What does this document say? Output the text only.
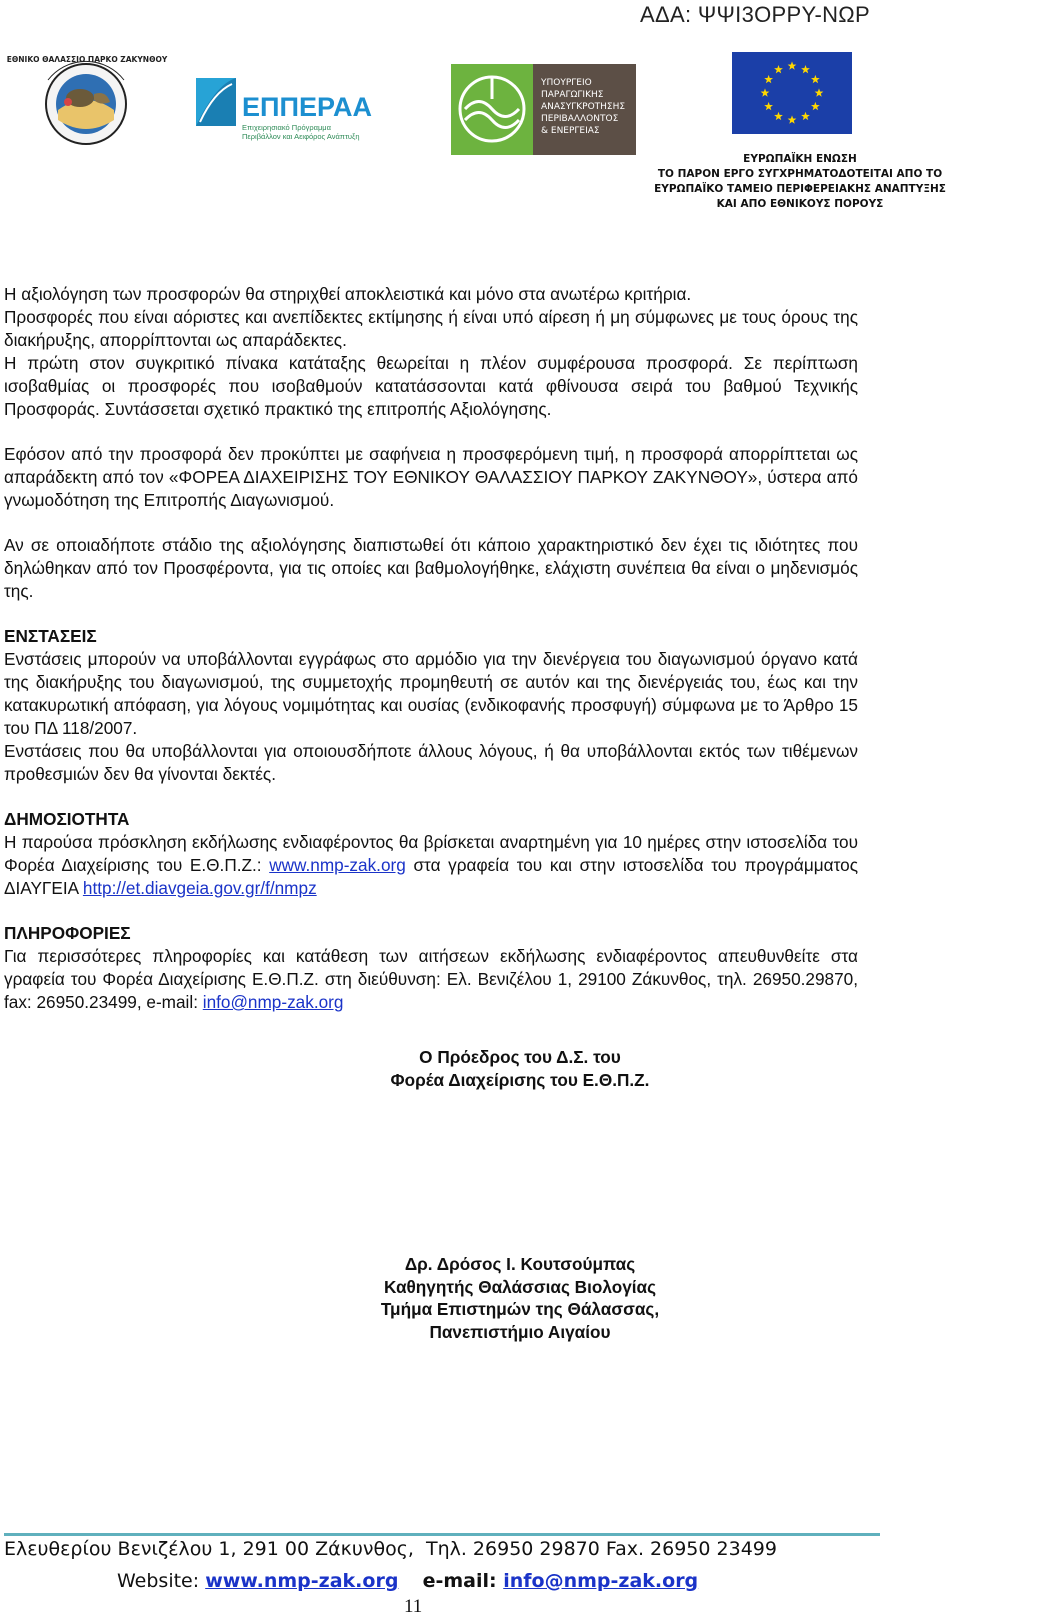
ΑΔΑ: ΨΨΙ3ΟΡΡΥ-ΝΩΡ
ΕΘΝΙΚΟ ΘΑΛΑΣΣΙΟ ΠΑΡΚΟ ΖΑΚΥΝΘΟΥ
ΕΠΠΕΡΑΑ
Επιχειρησιακό Πρόγραμμα
Περιβάλλον και Αειφόρος Ανάπτυξη
ΥΠΟΥΡΓΕΙΟ
ΠΑΡΑΓΩΓΙΚΗΣ
ΑΝΑΣΥΓΚΡΟΤΗΣΗΣ
ΠΕΡΙΒΑΛΛΟΝΤΟΣ
& ΕΝΕΡΓΕΙΑΣ
ΕΥΡΩΠΑΪΚΗ ΕΝΩΣΗ
ΤΟ ΠΑΡΟΝ ΕΡΓΟ ΣΥΓΧΡΗΜΑΤΟΔΟΤΕΙΤΑΙ ΑΠΟ ΤΟ
ΕΥΡΩΠΑΪΚΟ ΤΑΜΕΙΟ ΠΕΡΙΦΕΡΕΙΑΚΗΣ ΑΝΑΠΤΥΞΗΣ
ΚΑΙ ΑΠΟ ΕΘΝΙΚΟΥΣ ΠΟΡΟΥΣ

Η αξιολόγηση των προσφορών θα στηριχθεί αποκλειστικά και μόνο στα ανωτέρω κριτήρια.

Προσφορές που είναι αόριστες και ανεπίδεκτες εκτίμησης ή είναι υπό αίρεση ή μη σύμφωνες με τους όρους της διακήρυξης, απορρίπτονται ως απαράδεκτες.

Η πρώτη στον συγκριτικό πίνακα κατάταξης θεωρείται η πλέον συμφέρουσα προσφορά. Σε περίπτωση ισοβαθμίας οι προσφορές που ισοβαθμούν κατατάσσονται κατά φθίνουσα σειρά του βαθμού Τεχνικής Προσφοράς. Συντάσσεται σχετικό πρακτικό της επιτροπής Αξιολόγησης.

Εφόσον από την προσφορά δεν προκύπτει με σαφήνεια η προσφερόμενη τιμή, η προσφορά απορρίπτεται ως απαράδεκτη από τον «ΦΟΡΕΑ ΔΙΑΧΕΙΡΙΣΗΣ ΤΟΥ ΕΘΝΙΚΟΥ ΘΑΛΑΣΣΙΟΥ ΠΑΡΚΟΥ ΖΑΚΥΝΘΟΥ», ύστερα από γνωμοδότηση της Επιτροπής Διαγωνισμού.

Αν σε οποιαδήποτε στάδιο της αξιολόγησης διαπιστωθεί ότι κάποιο χαρακτηριστικό δεν έχει τις ιδιότητες που δηλώθηκαν από τον Προσφέροντα, για τις οποίες και βαθμολογήθηκε, ελάχιστη συνέπεια θα είναι ο μηδενισμός της.

ΕΝΣΤΑΣΕΙΣ

Ενστάσεις μπορούν να υποβάλλονται εγγράφως στο αρμόδιο για την διενέργεια του διαγωνισμού όργανο κατά της διακήρυξης του διαγωνισμού, της συμμετοχής προμηθευτή σε αυτόν και της διενέργειάς του, έως και την κατακυρωτική απόφαση, για λόγους νομιμότητας και ουσίας (ενδικοφανής προσφυγή) σύμφωνα με το Άρθρο 15 του ΠΔ 118/2007.

Ενστάσεις που θα υποβάλλονται για οποιουσδήποτε άλλους λόγους, ή θα υποβάλλονται εκτός των τιθέμενων προθεσμιών δεν θα γίνονται δεκτές.

ΔΗΜΟΣΙΟΤΗΤΑ

Η παρούσα πρόσκληση εκδήλωσης ενδιαφέροντος θα βρίσκεται αναρτημένη για 10 ημέρες στην ιστοσελίδα του Φορέα Διαχείρισης του Ε.Θ.Π.Ζ.: www.nmp-zak.org στα γραφεία του και στην ιστοσελίδα του προγράμματος ΔΙΑΥΓΕΙΑ http://et.diavgeia.gov.gr/f/nmpz

ΠΛΗΡΟΦΟΡΙΕΣ

Για περισσότερες πληροφορίες και κατάθεση των αιτήσεων εκδήλωσης ενδιαφέροντος απευθυνθείτε στα γραφεία του Φορέα Διαχείρισης Ε.Θ.Π.Ζ. στη διεύθυνση: Ελ. Βενιζέλου 1, 29100 Ζάκυνθος, τηλ. 26950.29870, fax: 26950.23499, e-mail: info@nmp-zak.org

Ο Πρόεδρος του Δ.Σ. του
Φορέα Διαχείρισης του Ε.Θ.Π.Ζ.
Δρ. Δρόσος Ι. Κουτσούμπας
Καθηγητής Θαλάσσιας Βιολογίας
Τμήμα Επιστημών της Θάλασσας,
Πανεπιστήμιο Αιγαίου
Ελευθερίου Βενιζέλου 1, 291 00 Ζάκυνθος,  Τηλ. 26950 29870 Fax. 26950 23499
Website: www.nmp-zak.org e-mail: info@nmp-zak.org
11
